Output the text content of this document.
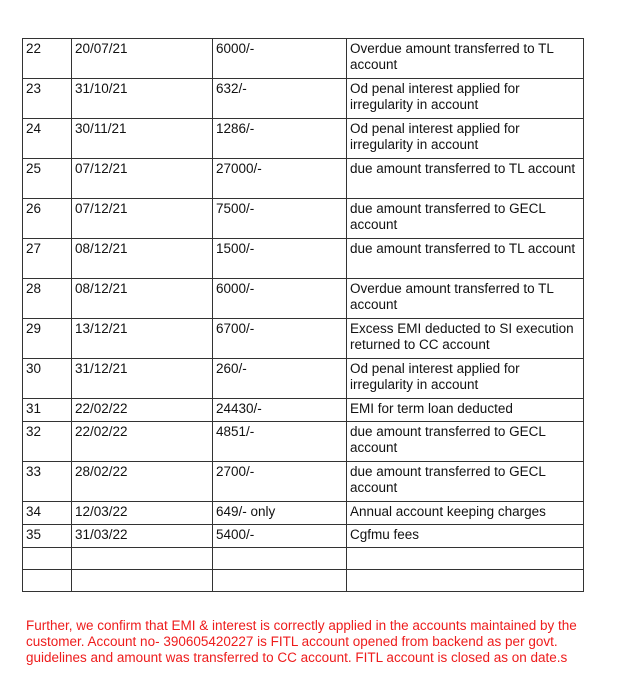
22	20/07/21	6000/-	Overdue amount transferred to TL account
23	31/10/21	632/-	Od penal interest applied for irregularity in account
24	30/11/21	1286/-	Od penal interest applied for irregularity in account
25	07/12/21	27000/-	due amount transferred to TL account
26	07/12/21	7500/-	due amount transferred to GECL account
27	08/12/21	1500/-	due amount transferred to TL account
28	08/12/21	6000/-	Overdue amount transferred to TL account
29	13/12/21	6700/-	Excess EMI deducted to SI execution returned to CC account
30	31/12/21	260/-	Od penal interest applied for irregularity in account
31	22/02/22	24430/-	EMI for term loan deducted
32	22/02/22	4851/-	due amount transferred to GECL account
33	28/02/22	2700/-	due amount transferred to GECL account
34	12/03/22	649/- only	Annual account keeping charges
35	31/03/22	5400/-	Cgfmu fees

Further, we confirm that EMI & interest is correctly applied in the accounts maintained by the customer. Account no- 390605420227 is FITL account opened from backend as per govt. guidelines and amount was transferred to CC account. FITL account is closed as on date.s
